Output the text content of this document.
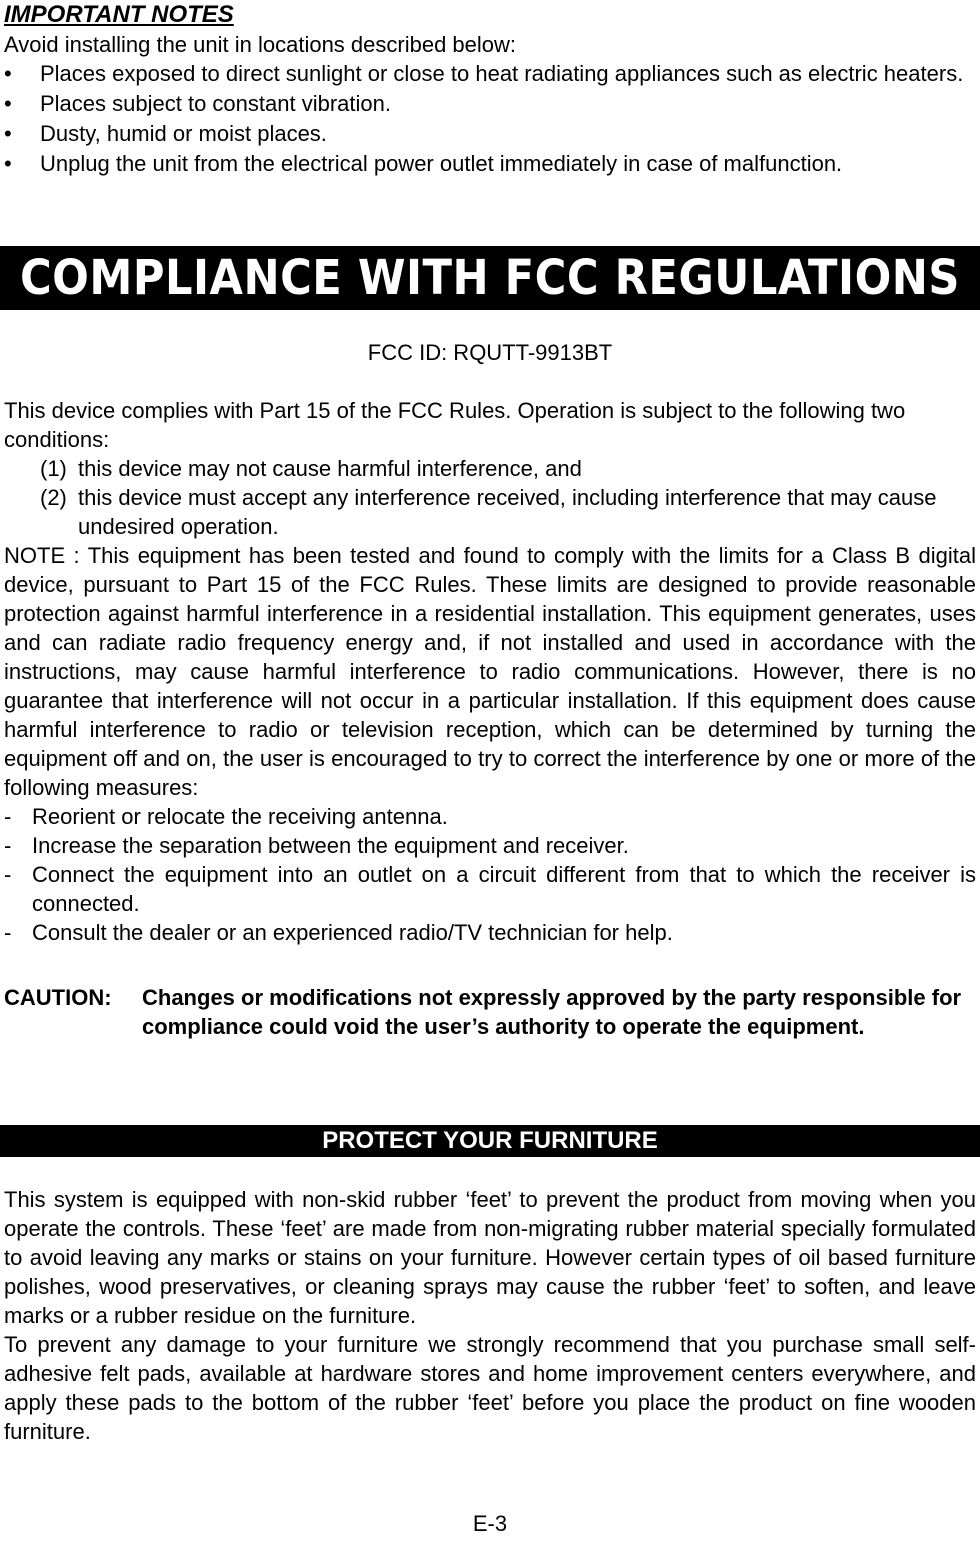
IMPORTANT NOTES

Avoid installing the unit in locations described below:

• Places exposed to direct sunlight or close to heat radiating appliances such as electric heaters.
• Places subject to constant vibration.
• Dusty, humid or moist places.
• Unplug the unit from the electrical power outlet immediately in case of malfunction.
COMPLIANCE WITH FCC REGULATIONS
FCC ID: RQUTT-9913BT

This device complies with Part 15 of the FCC Rules. Operation is subject to the following two conditions:

(1) this device may not cause harmful interference, and
(2) this device must accept any interference received, including interference that may cause undesired operation.

NOTE : This equipment has been tested and found to comply with the limits for a Class B digital device, pursuant to Part 15 of the FCC Rules. These limits are designed to provide reasonable protection against harmful interference in a residential installation. This equipment generates, uses and can radiate radio frequency energy and, if not installed and used in accordance with the instructions, may cause harmful interference to radio communications. However, there is no guarantee that interference will not occur in a particular installation. If this equipment does cause harmful interference to radio or television reception, which can be determined by turning the equipment off and on, the user is encouraged to try to correct the interference by one or more of the following measures:

- Reorient or relocate the receiving antenna.
- Increase the separation between the equipment and receiver.
- Connect the equipment into an outlet on a circuit different from that to which the receiver is connected.
- Consult the dealer or an experienced radio/TV technician for help.
CAUTION:	Changes or modifications not expressly approved by the party responsible for compliance could void the user’s authority to operate the equipment.
PROTECT YOUR FURNITURE

This system is equipped with non-skid rubber ‘feet’ to prevent the product from moving when you operate the controls. These ‘feet’ are made from non-migrating rubber material specially formulated to avoid leaving any marks or stains on your furniture. However certain types of oil based furniture polishes, wood preservatives, or cleaning sprays may cause the rubber ‘feet’ to soften, and leave marks or a rubber residue on the furniture.

To prevent any damage to your furniture we strongly recommend that you purchase small self-adhesive felt pads, available at hardware stores and home improvement centers everywhere, and apply these pads to the bottom of the rubber ‘feet’ before you place the product on fine wooden furniture.

E-3
